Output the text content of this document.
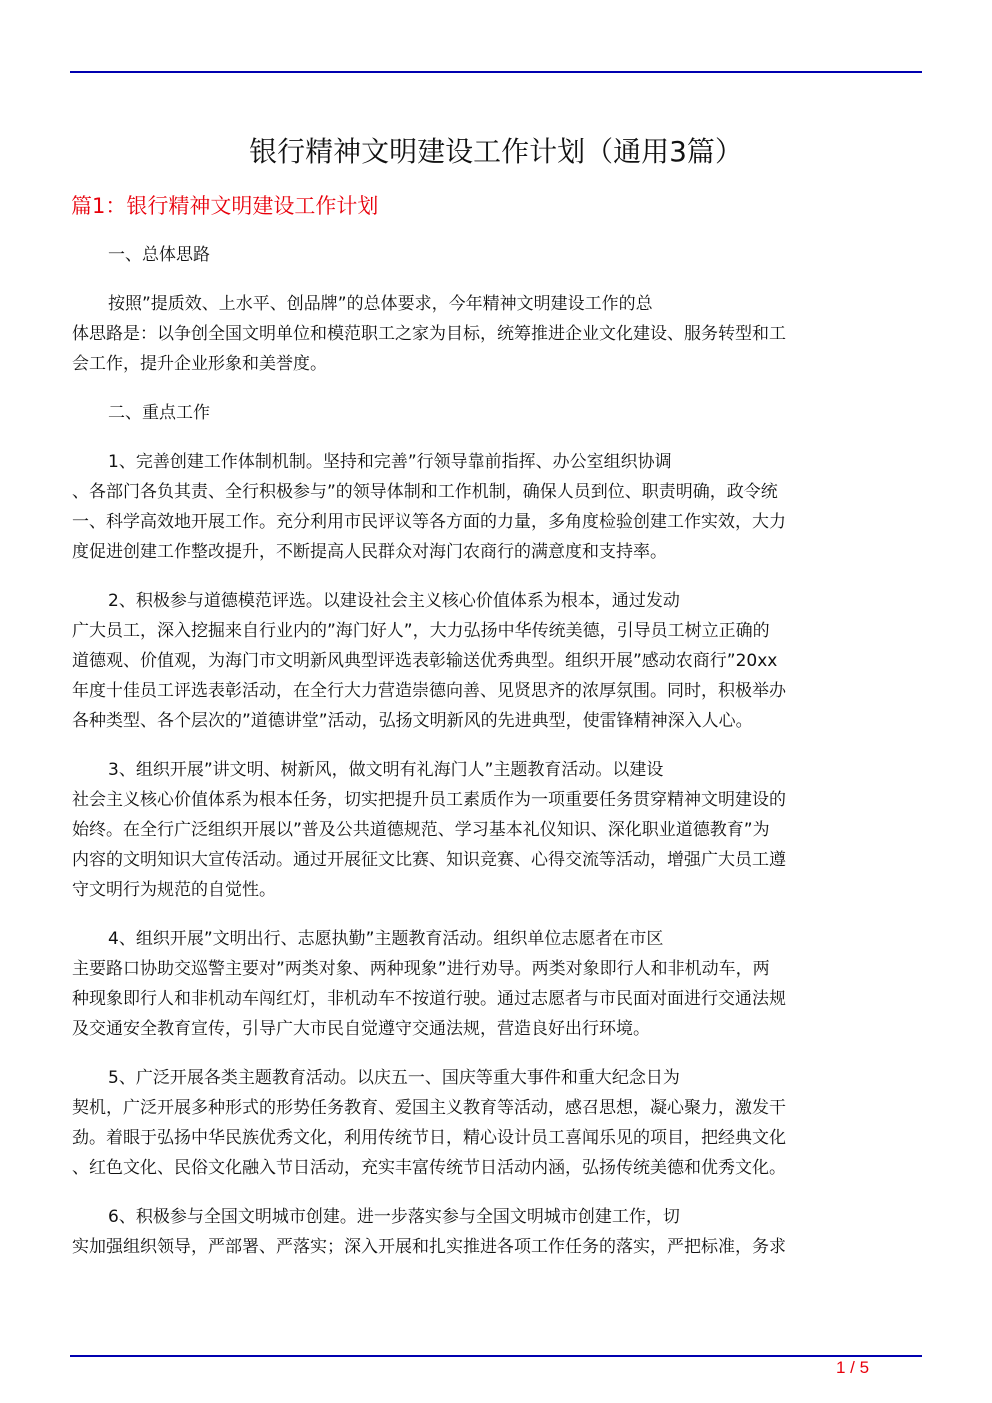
银行精神文明建设工作计划（通用3篇）
篇1：银行精神文明建设工作计划
一、总体思路
按照”提质效、上水平、创品牌”的总体要求，今年精神文明建设工作的总
体思路是：以争创全国文明单位和模范职工之家为目标，统筹推进企业文化建设、服务转型和工
会工作，提升企业形象和美誉度。
二、重点工作
1、完善创建工作体制机制。坚持和完善”行领导靠前指挥、办公室组织协调
、各部门各负其责、全行积极参与”的领导体制和工作机制，确保人员到位、职责明确，政令统
一、科学高效地开展工作。充分利用市民评议等各方面的力量，多角度检验创建工作实效，大力
度促进创建工作整改提升，不断提高人民群众对海门农商行的满意度和支持率。
2、积极参与道德模范评选。以建设社会主义核心价值体系为根本，通过发动
广大员工，深入挖掘来自行业内的”海门好人”，大力弘扬中华传统美德，引导员工树立正确的
道德观、价值观，为海门市文明新风典型评选表彰输送优秀典型。组织开展”感动农商行”20xx
年度十佳员工评选表彰活动，在全行大力营造崇德向善、见贤思齐的浓厚氛围。同时，积极举办
各种类型、各个层次的”道德讲堂”活动，弘扬文明新风的先进典型，使雷锋精神深入人心。
3、组织开展”讲文明、树新风，做文明有礼海门人”主题教育活动。以建设
社会主义核心价值体系为根本任务，切实把提升员工素质作为一项重要任务贯穿精神文明建设的
始终。在全行广泛组织开展以”普及公共道德规范、学习基本礼仪知识、深化职业道德教育”为
内容的文明知识大宣传活动。通过开展征文比赛、知识竞赛、心得交流等活动，增强广大员工遵
守文明行为规范的自觉性。
4、组织开展”文明出行、志愿执勤”主题教育活动。组织单位志愿者在市区
主要路口协助交巡警主要对”两类对象、两种现象”进行劝导。两类对象即行人和非机动车，两
种现象即行人和非机动车闯红灯，非机动车不按道行驶。通过志愿者与市民面对面进行交通法规
及交通安全教育宣传，引导广大市民自觉遵守交通法规，营造良好出行环境。
5、广泛开展各类主题教育活动。以庆五一、国庆等重大事件和重大纪念日为
契机，广泛开展多种形式的形势任务教育、爱国主义教育等活动，感召思想，凝心聚力，激发干
劲。着眼于弘扬中华民族优秀文化，利用传统节日，精心设计员工喜闻乐见的项目，把经典文化
、红色文化、民俗文化融入节日活动，充实丰富传统节日活动内涵，弘扬传统美德和优秀文化。
6、积极参与全国文明城市创建。进一步落实参与全国文明城市创建工作，切
实加强组织领导，严部署、严落实；深入开展和扎实推进各项工作任务的落实，严把标准，务求
1 / 5
